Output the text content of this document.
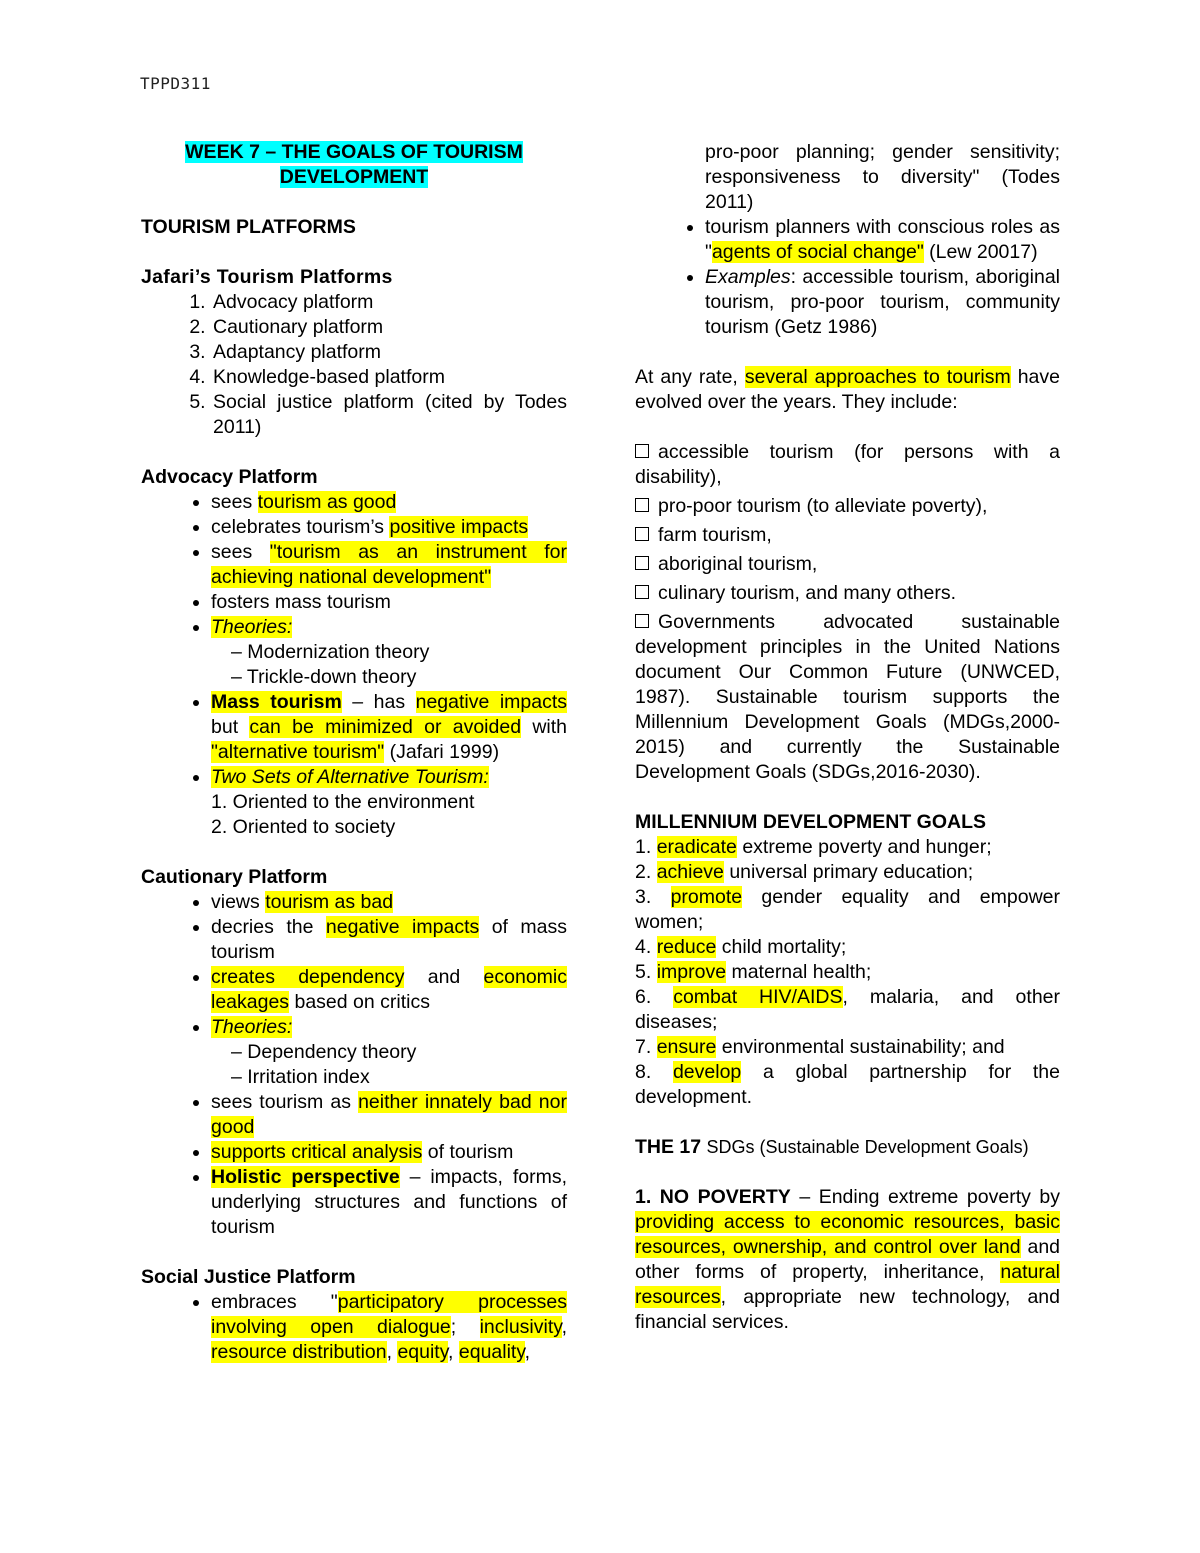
TPPD311

WEEK 7 – THE GOALS OF TOURISM
DEVELOPMENT

TOURISM PLATFORMS

Jafari’s Tourism Platforms

1. Advocacy platform
2. Cautionary platform
3. Adaptancy platform
4. Knowledge-based platform
5. Social justice platform (cited by Todes 2011)

Advocacy Platform

• sees tourism as good
• celebrates tourism’s positive impacts
• sees "tourism as an instrument for achieving national development"
• fosters mass tourism
• Theories:
– Modernization theory
– Trickle-down theory
• Mass tourism – has negative impacts but can be minimized or avoided with "alternative tourism" (Jafari 1999)
• Two Sets of Alternative Tourism:
1. Oriented to the environment
2. Oriented to society

Cautionary Platform

• views tourism as bad
• decries the negative impacts of mass tourism
• creates dependency and economic leakages based on critics
• Theories:
– Dependency theory
– Irritation index
• sees tourism as neither innately bad nor good
• supports critical analysis of tourism
• Holistic perspective – impacts, forms, underlying structures and functions of tourism

Social Justice Platform

• embraces "participatory processes involving open dialogue; inclusivity, resource distribution, equity, equality,
pro-poor planning; gender sensitivity; responsiveness to diversity" (Todes 2011)
• tourism planners with conscious roles as "agents of social change" (Lew 20017)
• Examples: accessible tourism, aboriginal tourism, pro-poor tourism, community tourism (Getz 1986)

At any rate, several approaches to tourism have evolved over the years. They include:

accessible tourism (for persons with a disability),

pro-poor tourism (to alleviate poverty),

farm tourism,

aboriginal tourism,

culinary tourism, and many others.

Governments advocated sustainable development principles in the United Nations document Our Common Future (UNWCED, 1987). Sustainable tourism supports the Millennium Development Goals (MDGs,2000-2015) and currently the Sustainable Development Goals (SDGs,2016-2030).

MILLENNIUM DEVELOPMENT GOALS

1. eradicate extreme poverty and hunger;

2. achieve universal primary education;

3. promote gender equality and empower women;

4. reduce child mortality;

5. improve maternal health;

6. combat HIV/AIDS, malaria, and other diseases;

7. ensure environmental sustainability; and

8. develop a global partnership for the development.

THE 17 SDGs (Sustainable Development Goals)

1. NO POVERTY – Ending extreme poverty by providing access to economic resources, basic resources, ownership, and control over land and other forms of property, inheritance, natural resources, appropriate new technology, and financial services.
